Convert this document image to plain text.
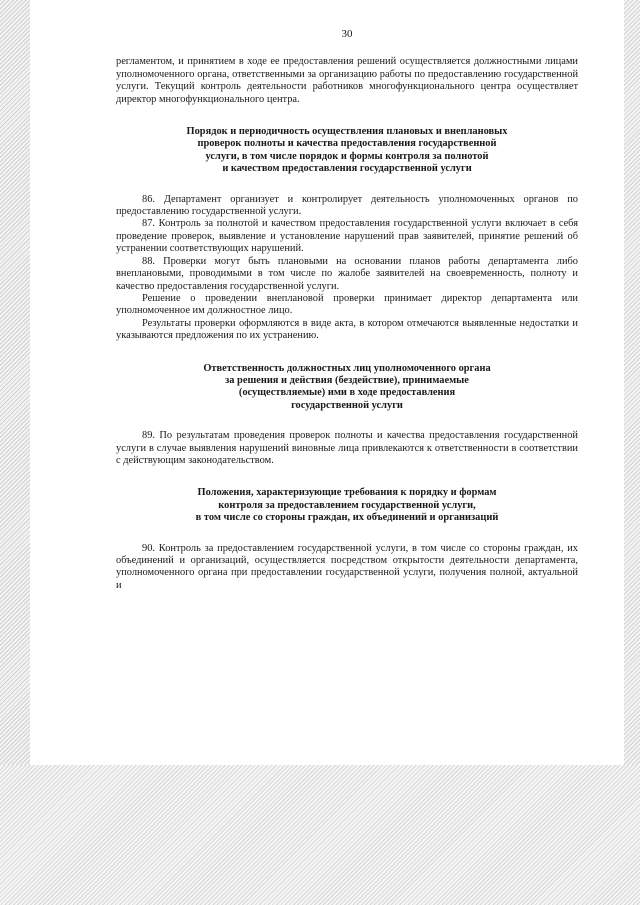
30

регламентом, и принятием в ходе ее предоставления решений осуществляется должностными лицами уполномоченного органа, ответственными за организацию работы по предоставлению государственной услуги. Текущий контроль деятельности работников многофункционального центра осуществляет директор многофункционального центра.

Порядок и периодичность осуществления плановых и внеплановых
проверок полноты и качества предоставления государственной
услуги, в том числе порядок и формы контроля за полнотой
и качеством предоставления государственной услуги

86. Департамент организует и контролирует деятельность уполномоченных органов по предоставлению государственной услуги.

87. Контроль за полнотой и качеством предоставления государственной услуги включает в себя проведение проверок, выявление и установление нарушений прав заявителей, принятие решений об устранении соответствующих нарушений.

88. Проверки могут быть плановыми на основании планов работы департамента либо внеплановыми, проводимыми в том числе по жалобе заявителей на своевременность, полноту и качество предоставления государственной услуги.

Решение о проведении внеплановой проверки принимает директор департамента или уполномоченное им должностное лицо.

Результаты проверки оформляются в виде акта, в котором отмечаются выявленные недостатки и указываются предложения по их устранению.

Ответственность должностных лиц уполномоченного органа
за решения и действия (бездействие), принимаемые
(осуществляемые) ими в ходе предоставления
государственной услуги

89. По результатам проведения проверок полноты и качества предоставления государственной услуги в случае выявления нарушений виновные лица привлекаются к ответственности в соответствии с действующим законодательством.

Положения, характеризующие требования к порядку и формам
контроля за предоставлением государственной услуги,
в том числе со стороны граждан, их объединений и организаций

90. Контроль за предоставлением государственной услуги, в том числе со стороны граждан, их объединений и организаций, осуществляется посредством открытости деятельности департамента, уполномоченного органа при предоставлении государственной услуги, получения полной, актуальной и
